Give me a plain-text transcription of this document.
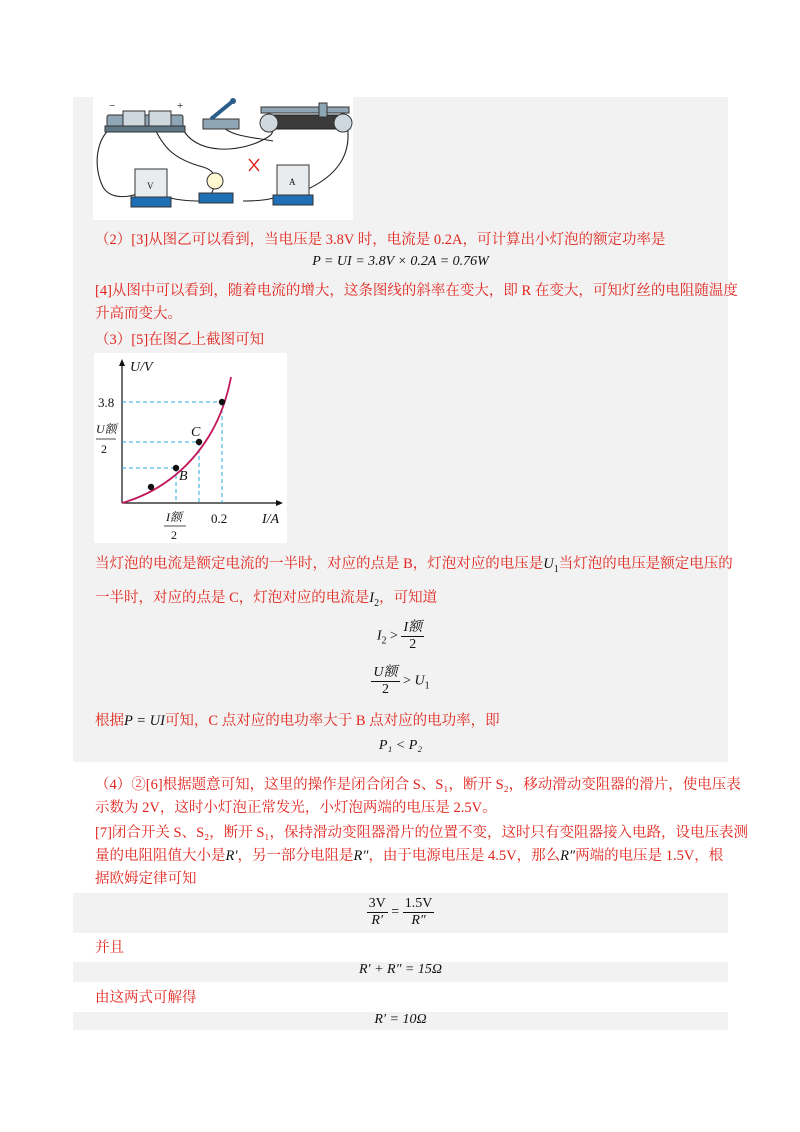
−	+
V	A
（2）[3]从图乙可以看到，当电压是 3.8V 时，电流是 0.2A，可计算出小灯泡的额定功率是
P = UI = 3.8V × 0.2A = 0.76W
[4]从图中可以看到，随着电流的增大，这条图线的斜率在变大，即 R 在变大，可知灯丝的电阻随温度
升高而变大。
（3）[5]在图乙上截图可知
U/V
I/A
B
C
3.8
U额
2
0.2
I额
2
当灯泡的电流是额定电流的一半时，对应的点是 B，灯泡对应的电压是$U_1$当灯泡的电压是额定电压的
一半时，对应的点是 C，灯泡对应的电流是$I_2$，可知道
$I_2 > \frac{\text{I额}}{2}$
$\frac{\text{U额}}{2} > U_1$
根据P = UI可知，C 点对应的电功率大于 B 点对应的电功率，即
P₁ < P₂
（4）②[6]根据题意可知，这里的操作是闭合闭合 S、S₁，断开 S₂，移动滑动变阻器的滑片，使电压表
示数为 2V，这时小灯泡正常发光，小灯泡两端的电压是 2.5V。
[7]闭合开关 S、S₂，断开 S₁，保持滑动变阻器滑片的位置不变，这时只有变阻器接入电路，设电压表测
量的电阻阻值大小是R′，另一部分电阻是R″，由于电源电压是 4.5V，那么R″两端的电压是 1.5V，根
据欧姆定律可知
$\frac{3V}{R'} = \frac{1.5V}{R''}$
并且
R′ + R″ = 15Ω
由这两式可解得
R′ = 10Ω
